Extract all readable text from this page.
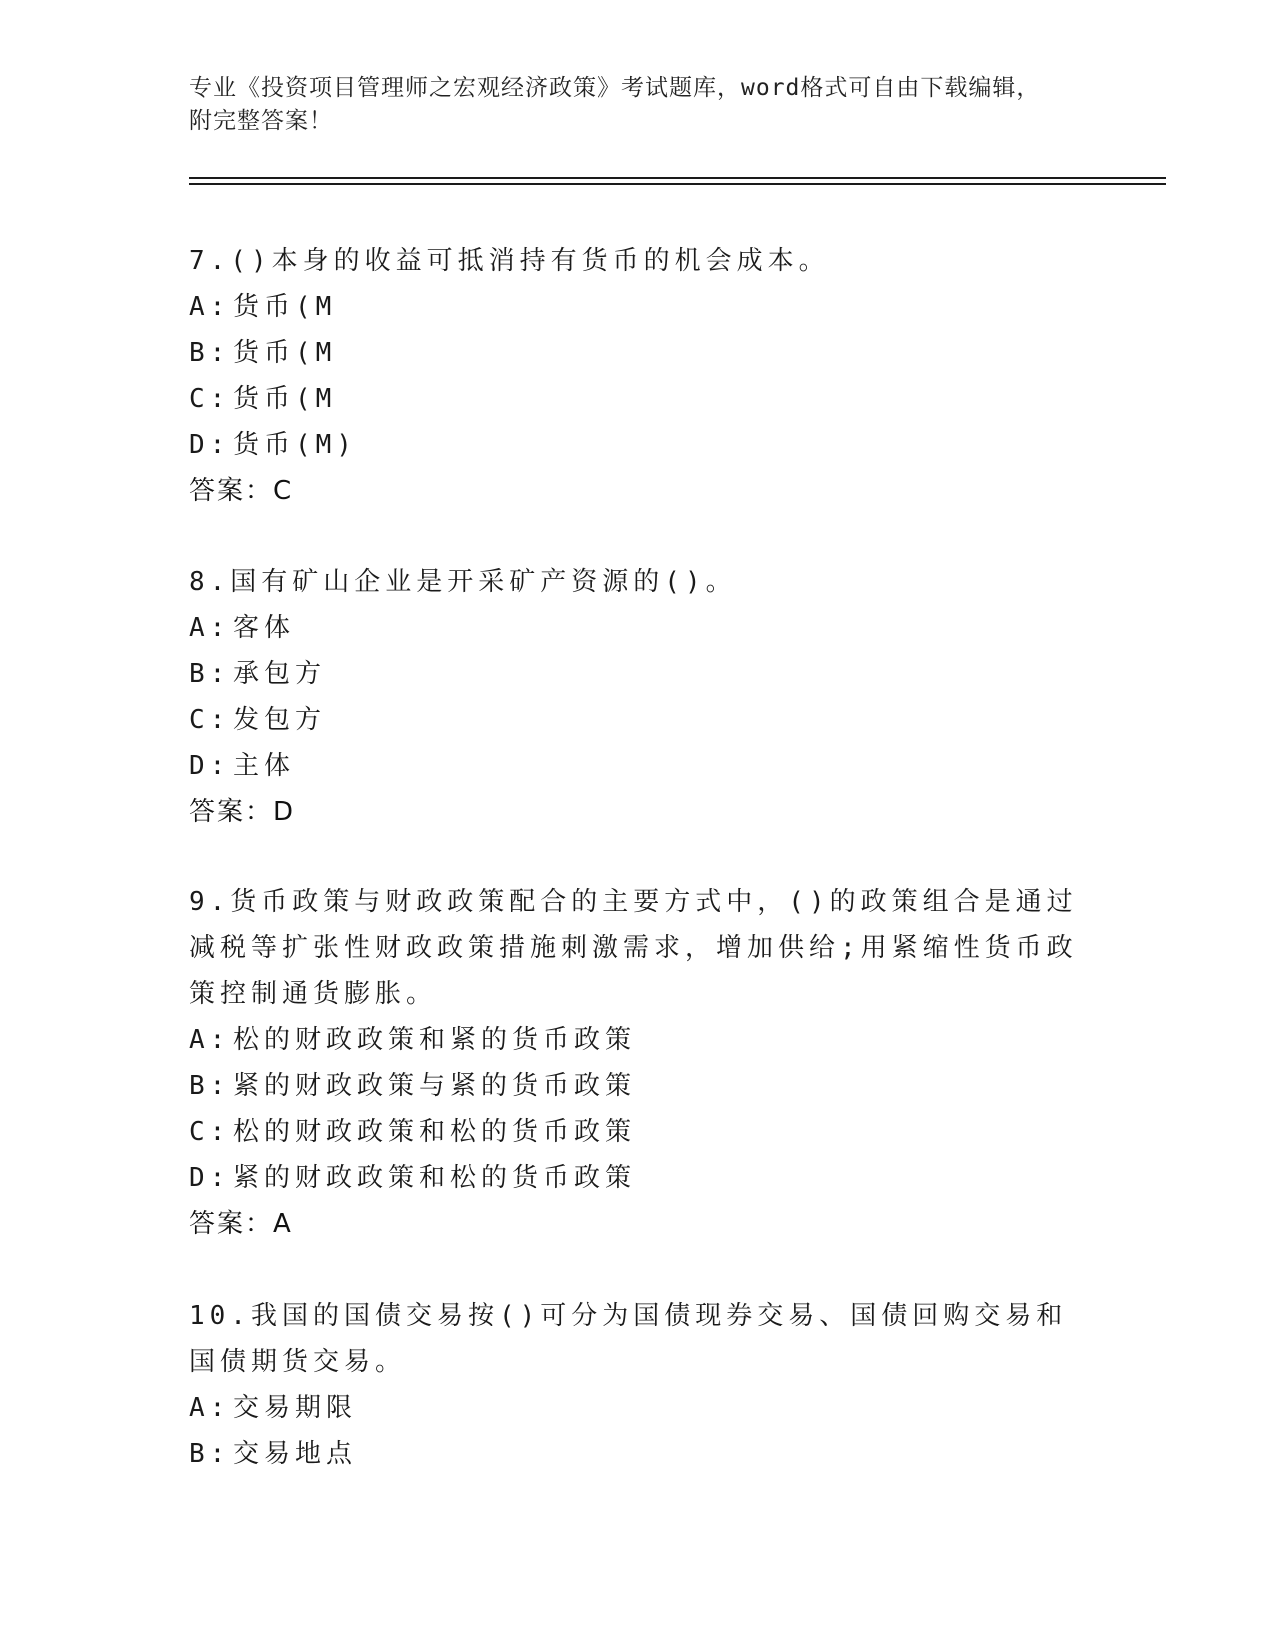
专业《投资项目管理师之宏观经济政策》考试题库，word格式可自由下载编辑，
附完整答案！

7.()本身的收益可抵消持有货币的机会成本。

A: 货币(M

B: 货币(M

C: 货币(M

D: 货币(M)

答案：C

8.国有矿山企业是开采矿产资源的()。

A: 客体

B: 承包方

C: 发包方

D: 主体

答案：D

9.货币政策与财政政策配合的主要方式中，()的政策组合是通过减税等扩张性财政政策措施刺激需求，增加供给;用紧缩性货币政策控制通货膨胀。

A: 松的财政政策和紧的货币政策

B: 紧的财政政策与紧的货币政策

C: 松的财政政策和松的货币政策

D: 紧的财政政策和松的货币政策

答案：A

10.我国的国债交易按()可分为国债现券交易、国债回购交易和国债期货交易。

A: 交易期限

B: 交易地点
